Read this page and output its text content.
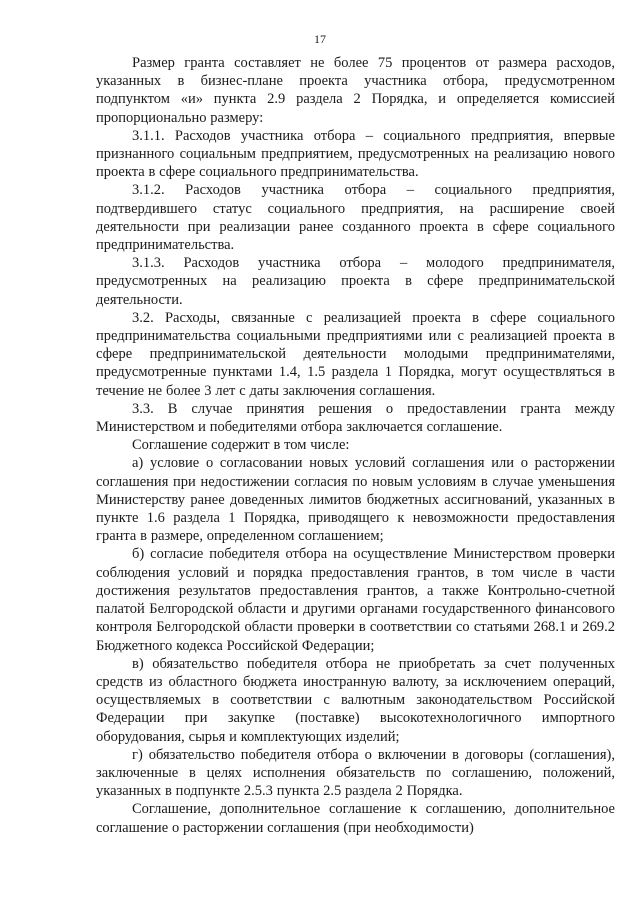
17

Размер гранта составляет не более 75 процентов от размера расходов, указанных в бизнес-плане проекта участника отбора, предусмотренном подпунктом «и» пункта 2.9 раздела 2 Порядка, и определяется комиссией пропорционально размеру:

3.1.1. Расходов участника отбора – социального предприятия, впервые признанного социальным предприятием, предусмотренных на реализацию нового проекта в сфере социального предпринимательства.

3.1.2. Расходов участника отбора – социального предприятия, подтвердившего статус социального предприятия, на расширение своей деятельности при реализации ранее созданного проекта в сфере социального предпринимательства.

3.1.3. Расходов участника отбора – молодого предпринимателя, предусмотренных на реализацию проекта в сфере предпринимательской деятельности.

3.2. Расходы, связанные с реализацией проекта в сфере социального предпринимательства социальными предприятиями или с реализацией проекта в сфере предпринимательской деятельности молодыми предпринимателями, предусмотренные пунктами 1.4, 1.5 раздела 1 Порядка, могут осуществляться в течение не более 3 лет с даты заключения соглашения.

3.3. В случае принятия решения о предоставлении гранта между Министерством и победителями отбора заключается соглашение.

Соглашение содержит в том числе:

а) условие о согласовании новых условий соглашения или о расторжении соглашения при недостижении согласия по новым условиям в случае уменьшения Министерству ранее доведенных лимитов бюджетных ассигнований, указанных в пункте 1.6 раздела 1 Порядка, приводящего к невозможности предоставления гранта в размере, определенном соглашением;

б) согласие победителя отбора на осуществление Министерством проверки соблюдения условий и порядка предоставления грантов, в том числе в части достижения результатов предоставления грантов, а также Контрольно-счетной палатой Белгородской области и другими органами государственного финансового контроля Белгородской области проверки в соответствии со статьями 268.1 и 269.2 Бюджетного кодекса Российской Федерации;

в) обязательство победителя отбора не приобретать за счет полученных средств из областного бюджета иностранную валюту, за исключением операций, осуществляемых в соответствии с валютным законодательством Российской Федерации при закупке (поставке) высокотехнологичного импортного оборудования, сырья и комплектующих изделий;

г) обязательство победителя отбора о включении в договоры (соглашения), заключенные в целях исполнения обязательств по соглашению, положений, указанных в подпункте 2.5.3 пункта 2.5 раздела 2 Порядка.

Соглашение, дополнительное соглашение к соглашению, дополнительное соглашение о расторжении соглашения (при необходимости)
